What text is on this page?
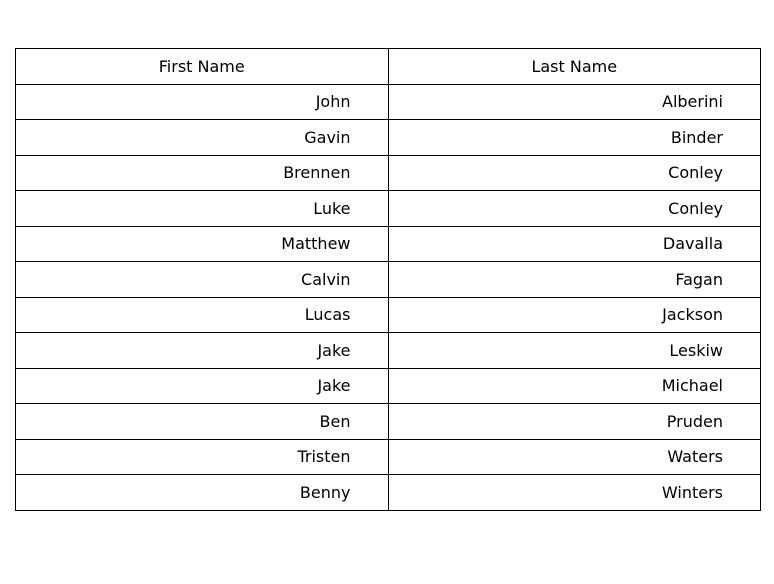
First Name	Last Name
John	Alberini
Gavin	Binder
Brennen	Conley
Luke	Conley
Matthew	Davalla
Calvin	Fagan
Lucas	Jackson
Jake	Leskiw
Jake	Michael
Ben	Pruden
Tristen	Waters
Benny	Winters
